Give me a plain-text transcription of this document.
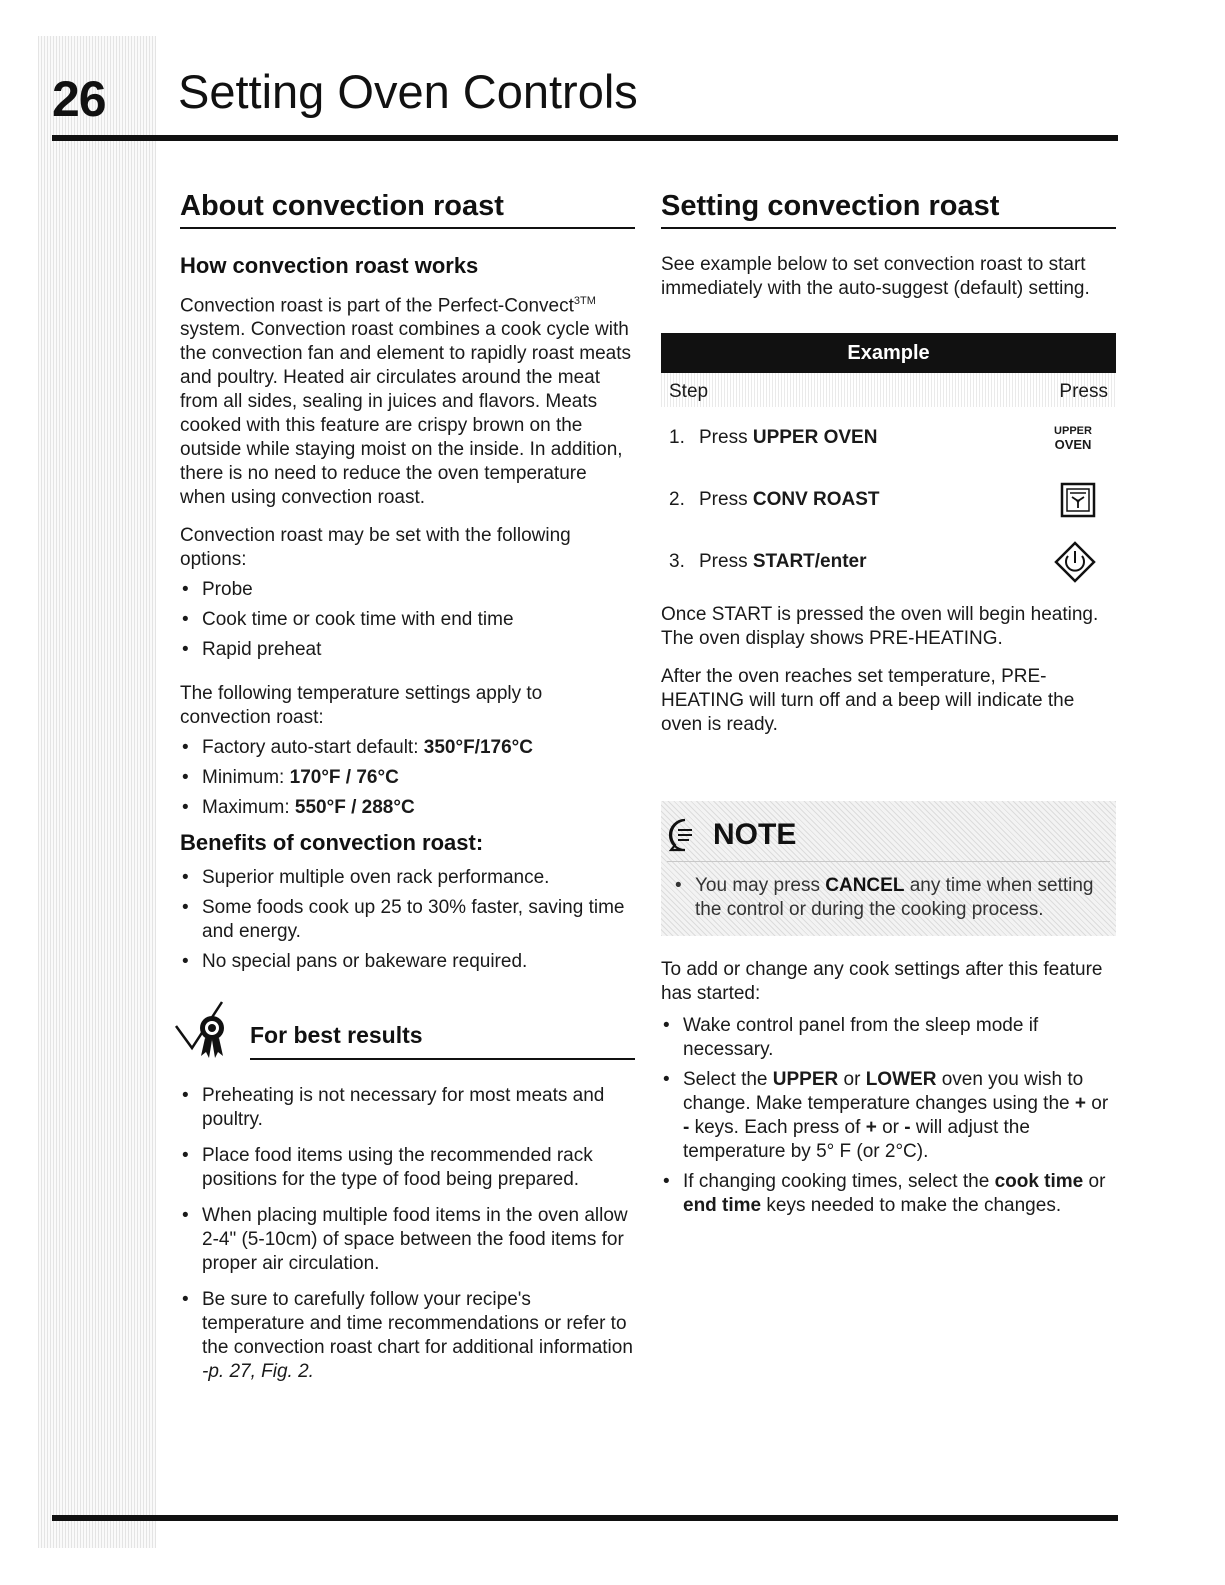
26 Setting Oven Controls
About convection roast
How convection roast works

Convection roast is part of the Perfect-Convect$^{3TM}$ system. Convection roast combines a cook cycle with the convection fan and element to rapidly roast meats and poultry. Heated air circulates around the meat from all sides, sealing in juices and flavors. Meats cooked with this feature are crispy brown on the outside while staying moist on the inside. In addition, there is no need to reduce the oven temperature when using convection roast.

Convection roast may be set with the following options:

• Probe
• Cook time or cook time with end time
• Rapid preheat

The following temperature settings apply to convection roast:

• Factory auto-start default: 350°F/176°C
• Minimum: 170°F / 76°C
• Maximum: 550°F / 288°C
Benefits of convection roast:
• Superior multiple oven rack performance.
• Some foods cook up 25 to 30% faster, saving time and energy.
• No special pans or bakeware required.
For best results
• Preheating is not necessary for most meats and poultry.
• Place food items using the recommended rack positions for the type of food being prepared.
• When placing multiple food items in the oven allow 2-4" (5-10cm) of space between the food items for proper air circulation.
• Be sure to carefully follow your recipe's temperature and time recommendations or refer to the convection roast chart for additional information -p. 27, Fig. 2.
Setting convection roast

See example below to set convection roast to start immediately with the auto-suggest (default) setting.

Example
Step	Press
1. Press UPPER OVEN	UPPER
OVEN
2. Press CONV ROAST
3. Press START/enter

Once START is pressed the oven will begin heating. The oven display shows PRE-HEATING.

After the oven reaches set temperature, PRE-HEATING will turn off and a beep will indicate the oven is ready.

NOTE
• You may press CANCEL any time when setting the control or during the cooking process.

To add or change any cook settings after this feature has started:

• Wake control panel from the sleep mode if necessary.
• Select the UPPER or LOWER oven you wish to change. Make temperature changes using the + or - keys. Each press of + or - will adjust the temperature by 5° F (or 2°C).
• If changing cooking times, select the cook time or end time keys needed to make the changes.
